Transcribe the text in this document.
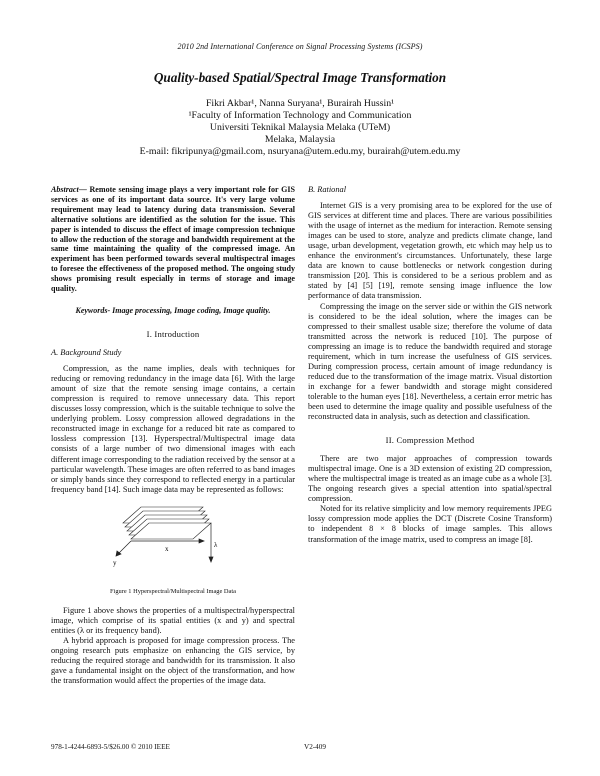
2010 2nd International Conference on Signal Processing Systems (ICSPS)
Quality-based Spatial/Spectral Image Transformation
Fikri Akbar¹, Nanna Suryana¹, Burairah Hussin¹
¹Faculty of Information Technology and Communication
Universiti Teknikal Malaysia Melaka (UTeM)
Melaka, Malaysia
E-mail: fikripunya@gmail.com, nsuryana@utem.edu.my, burairah@utem.edu.my

Abstract— Remote sensing image plays a very important role for GIS services as one of its important data source. It's very large volume requirement may lead to latency during data transmission. Several alternative solutions are identified as the solution for the issue. This paper is intended to discuss the effect of image compression technique to allow the reduction of the storage and bandwidth requirement at the same time maintaining the quality of the compressed image. An experiment has been performed towards several multispectral images to foresee the effectiveness of the proposed method. The ongoing study shows promising result especially in terms of storage and image quality.

Keywords- Image processing, Image coding, Image quality.

I. Introduction

A. Background Study

Compression, as the name implies, deals with techniques for reducing or removing redundancy in the image data [6]. With the large amount of size that the remote sensing image contains, a certain compression is required to remove unnecessary data. This report discusses lossy compression, which is the suitable technique to solve the underlying problem. Lossy compression allowed degradations in the reconstructed image in exchange for a reduced bit rate as compared to lossless compression [13]. Hyperspectral/Multispectral image data consists of a large number of two dimensional images with each different image corresponding to the radiation received by the sensor at a particular wavelength. These images are often referred to as band images or simply bands since they correspond to reflected energy in a particular frequency band [14]. Such image data may be represented as follows:

x
y
λ

Figure 1 Hyperspectral/Multispectral Image Data

Figure 1 above shows the properties of a multispectral/hyperspectral image, which comprise of its spatial entities (x and y) and spectral entities (λ or its frequency band).

A hybrid approach is proposed for image compression process. The ongoing research puts emphasize on enhancing the GIS service, by reducing the required storage and bandwidth for its transmission. It also gave a fundamental insight on the object of the transformation, and how the transformation would affect the properties of the image data.

B. Rational

Internet GIS is a very promising area to be explored for the use of GIS services at different time and places. There are various possibilities with the usage of internet as the medium for interaction. Remote sensing images can be used to store, analyze and predicts climate change, land usage, urban development, vegetation growth, etc which may help us to enhance the environment's circumstances. Unfortunately, these large data are known to cause bottlenecks or network congestion during transmission [20]. This is considered to be a serious problem and as stated by [4] [5] [19], remote sensing image influence the low performance of data transmission.

Compressing the image on the server side or within the GIS network is considered to be the ideal solution, where the images can be compressed to their smallest usable size; therefore the volume of data transmitted across the network is reduced [10]. The purpose of compressing an image is to reduce the bandwidth required and storage requirement, which in turn increase the usefulness of GIS services. During compression process, certain amount of image redundancy is reduced due to the transformation of the image matrix. Visual distortion in exchange for a fewer bandwidth and storage might considered tolerable to the human eyes [18]. Nevertheless, a certain error metric has been used to determine the image quality and possible usefulness of the reconstructed data in analysis, such as detection and classification.

II. Compression Method

There are two major approaches of compression towards multispectral image. One is a 3D extension of existing 2D compression, where the multispectral image is treated as an image cube as a whole [3]. The ongoing research gives a special attention into spatial/spectral compression.

Noted for its relative simplicity and low memory requirements JPEG lossy compression mode applies the DCT (Discrete Cosine Transform) to independent 8 × 8 blocks of image samples. This allows transformation of the image matrix, used to compress an image [8].

978-1-4244-6893-5/$26.00 © 2010 IEEE	V2-409
